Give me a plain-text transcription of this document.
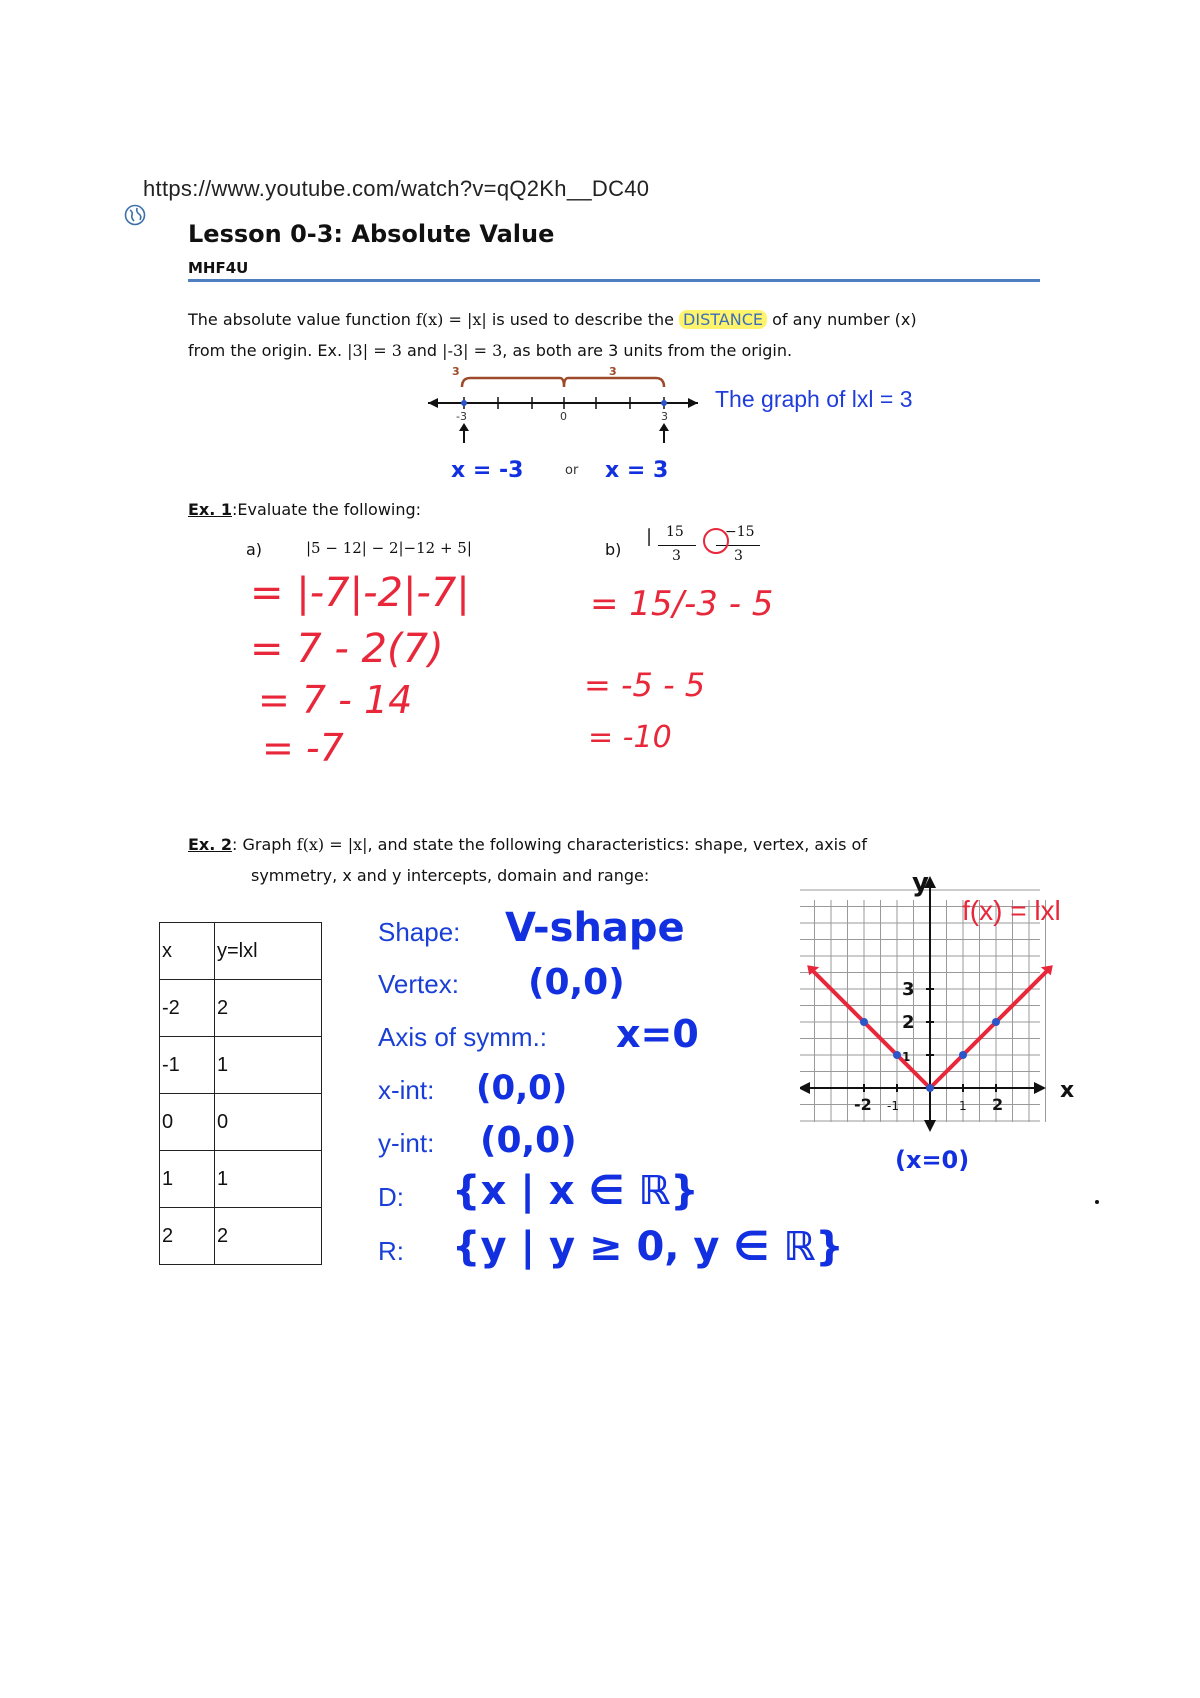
https://www.youtube.com/watch?v=qQ2Kh__DC40
Lesson 0-3: Absolute Value
MHF4U
The absolute value function f(x) = |x| is used to describe the DISTANCE of any number (x)
from the origin. Ex. |3| = 3 and |-3| = 3, as both are 3 units from the origin.
3	3
-3	0	3
The graph of lxl = 3
x = -3	or x = 3
Ex. 1:Evaluate the following:
a)	|5 − 12| − 2|−12 + 5|	b)
| 15
3
−15
3
= |-7|-2|-7|
= 7 - 2(7)
= 7 - 14
= -7
= 15/-3 - 5
= -5 - 5
= -10
Ex. 2: Graph f(x) = |x|, and state the following characteristics: shape, vertex, axis of
symmetry, x and y intercepts, domain and range:
x	y=lxl
-2	2
-1	1
0	0
1	1
2	2
Shape: V-shape
Vertex: (0,0)
Axis of symm.: x=0
x-int: (0,0)
y-int: (0,0)
D: {x | x ∈ ℝ}
R: {y | y ≥ 0, y ∈ ℝ}
1
2
3
-2 -1	1 2
y
x
f(x) = lxl
(x=0)
